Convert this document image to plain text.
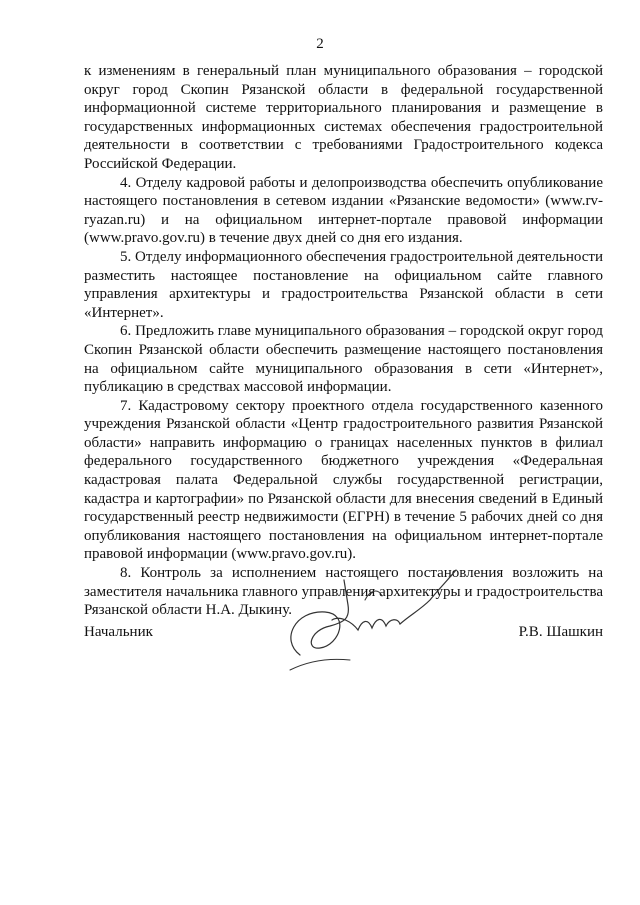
2

к изменениям в генеральный план муниципального образования – городской округ город Скопин Рязанской области в федеральной государственной информационной системе территориального планирования и размещение в государственных информационных системах обеспечения градостроительной деятельности в соответствии с требованиями Градостроительного кодекса Российской Федерации.

4. Отделу кадровой работы и делопроизводства обеспечить опубликование настоящего постановления в сетевом издании «Рязанские ведомости» (www.rv-ryazan.ru) и на официальном интернет-портале правовой информации (www.pravo.gov.ru) в течение двух дней со дня его издания.

5. Отделу информационного обеспечения градостроительной деятельности разместить настоящее постановление на официальном сайте главного управления архитектуры и градостроительства Рязанской области в сети «Интернет».

6. Предложить главе муниципального образования – городской округ город Скопин Рязанской области обеспечить размещение настоящего постановления на официальном сайте муниципального образования в сети «Интернет», публикацию в средствах массовой информации.

7. Кадастровому сектору проектного отдела государственного казенного учреждения Рязанской области «Центр градостроительного развития Рязанской области» направить информацию о границах населенных пунктов в филиал федерального государственного бюджетного учреждения «Федеральная кадастровая палата Федеральной службы государственной регистрации, кадастра и картографии» по Рязанской области для внесения сведений в Единый государственный реестр недвижимости (ЕГРН) в течение 5 рабочих дней со дня опубликования настоящего постановления на официальном интернет-портале правовой информации (www.pravo.gov.ru).

8. Контроль за исполнением настоящего постановления возложить на заместителя начальника главного управления архитектуры и градостроительства Рязанской области Н.А. Дыкину.

Начальник	Р.В. Шашкин
